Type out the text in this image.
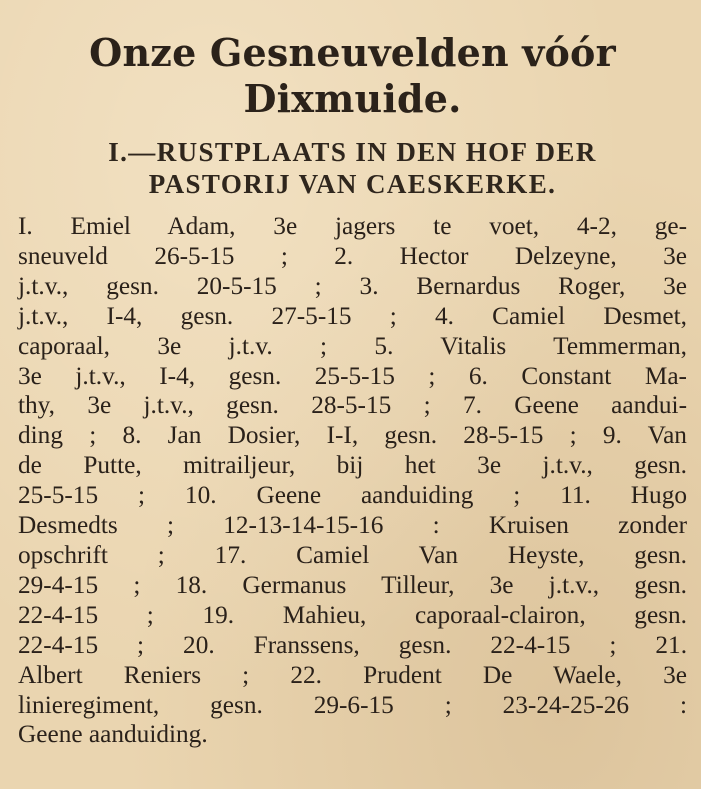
Onze Gesneuvelden vóór
Dixmuide.
I.—RUSTPLAATS IN DEN HOF DER
PASTORIJ VAN CAESKERKE.
I. Emiel Adam, 3e jagers te voet, 4-2, ge-
sneuveld 26-5-15 ; 2. Hector Delzeyne, 3e
j.t.v., gesn. 20-5-15 ; 3. Bernardus Roger, 3e
j.t.v., I-4, gesn. 27-5-15 ; 4. Camiel Desmet,
caporaal, 3e j.t.v. ; 5. Vitalis Temmerman,
3e j.t.v., I-4, gesn. 25-5-15 ; 6. Constant Ma-
thy, 3e j.t.v., gesn. 28-5-15 ; 7. Geene aandui-
ding ; 8. Jan Dosier, I-I, gesn. 28-5-15 ; 9. Van
de Putte, mitrailjeur, bij het 3e j.t.v., gesn.
25-5-15 ; 10. Geene aanduiding ; 11. Hugo
Desmedts ; 12-13-14-15-16 : Kruisen zonder
opschrift ; 17. Camiel Van Heyste, gesn.
29-4-15 ; 18. Germanus Tilleur, 3e j.t.v., gesn.
22-4-15 ; 19. Mahieu, caporaal-clairon, gesn.
22-4-15 ; 20. Franssens, gesn. 22-4-15 ; 21.
Albert Reniers ; 22. Prudent De Waele, 3e
linieregiment, gesn. 29-6-15 ; 23-24-25-26 :
Geene aanduiding.
